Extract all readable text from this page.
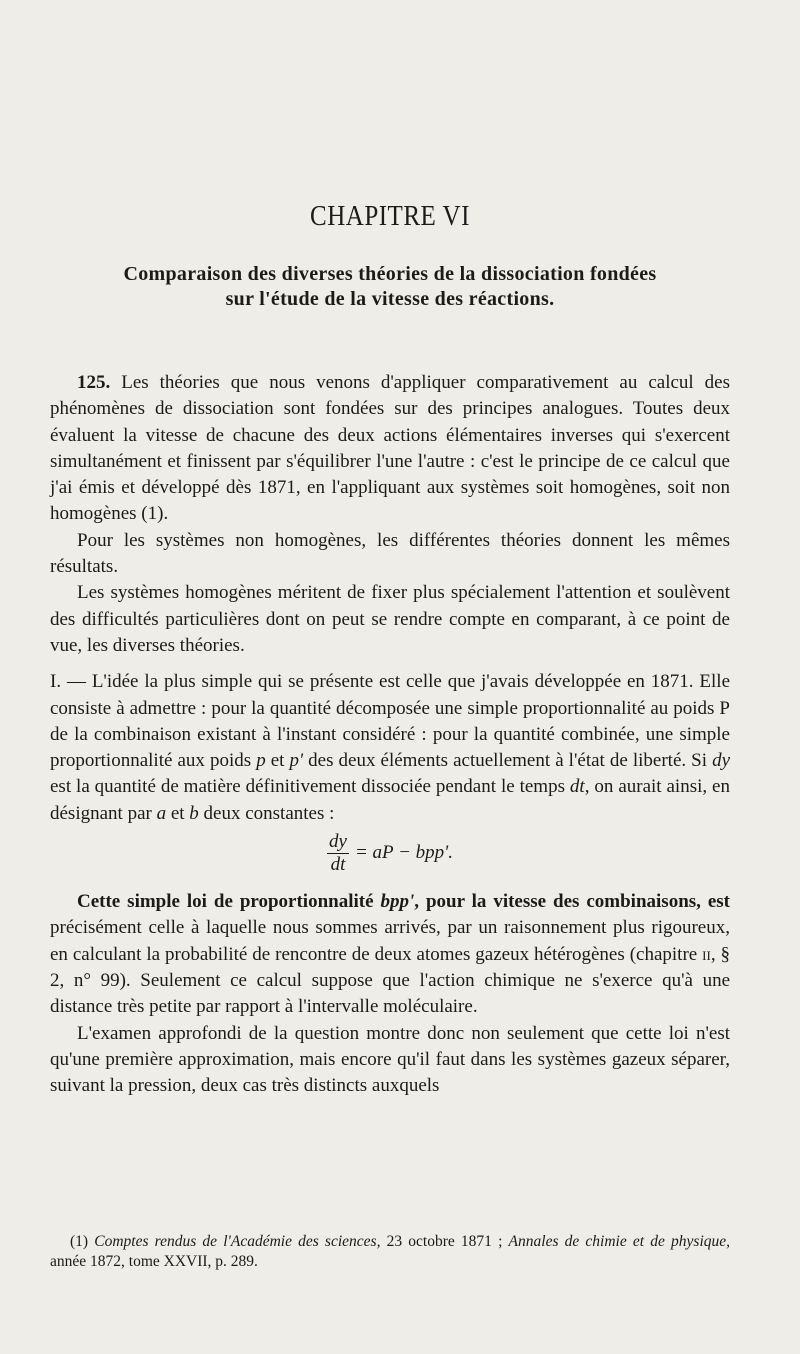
CHAPITRE VI
Comparaison des diverses théories de la dissociation fondées
sur l'étude de la vitesse des réactions.

125. Les théories que nous venons d'appliquer comparativement au calcul des phénomènes de dissociation sont fondées sur des principes analogues. Toutes deux évaluent la vitesse de chacune des deux actions élémentaires inverses qui s'exercent simultanément et finissent par s'équilibrer l'une l'autre : c'est le principe de ce calcul que j'ai émis et développé dès 1871, en l'appliquant aux systèmes soit homogènes, soit non homogènes (1).

Pour les systèmes non homogènes, les différentes théories donnent les mêmes résultats.

Les systèmes homogènes méritent de fixer plus spécialement l'attention et soulèvent des difficultés particulières dont on peut se rendre compte en comparant, à ce point de vue, les diverses théories.

I. — L'idée la plus simple qui se présente est celle que j'avais développée en 1871. Elle consiste à admettre : pour la quantité décomposée une simple proportionnalité au poids P de la combinaison existant à l'instant considéré : pour la quantité combinée, une simple proportionnalité aux poids p et p' des deux éléments actuellement à l'état de liberté. Si dy est la quantité de matière définitivement dissociée pendant le temps dt, on aurait ainsi, en désignant par a et b deux constantes :

$\frac{dy}{dt}$ = aP − bpp'.

Cette simple loi de proportionnalité bpp', pour la vitesse des combinaisons, est précisément celle à laquelle nous sommes arrivés, par un raisonnement plus rigoureux, en calculant la probabilité de rencontre de deux atomes gazeux hétérogènes (chapitre ii, § 2, n° 99). Seulement ce calcul suppose que l'action chimique ne s'exerce qu'à une distance très petite par rapport à l'intervalle moléculaire.

L'examen approfondi de la question montre donc non seulement que cette loi n'est qu'une première approximation, mais encore qu'il faut dans les systèmes gazeux séparer, suivant la pression, deux cas très distincts auxquels

(1) Comptes rendus de l'Académie des sciences, 23 octobre 1871 ; Annales de chimie et de physique, année 1872, tome XXVII, p. 289.
